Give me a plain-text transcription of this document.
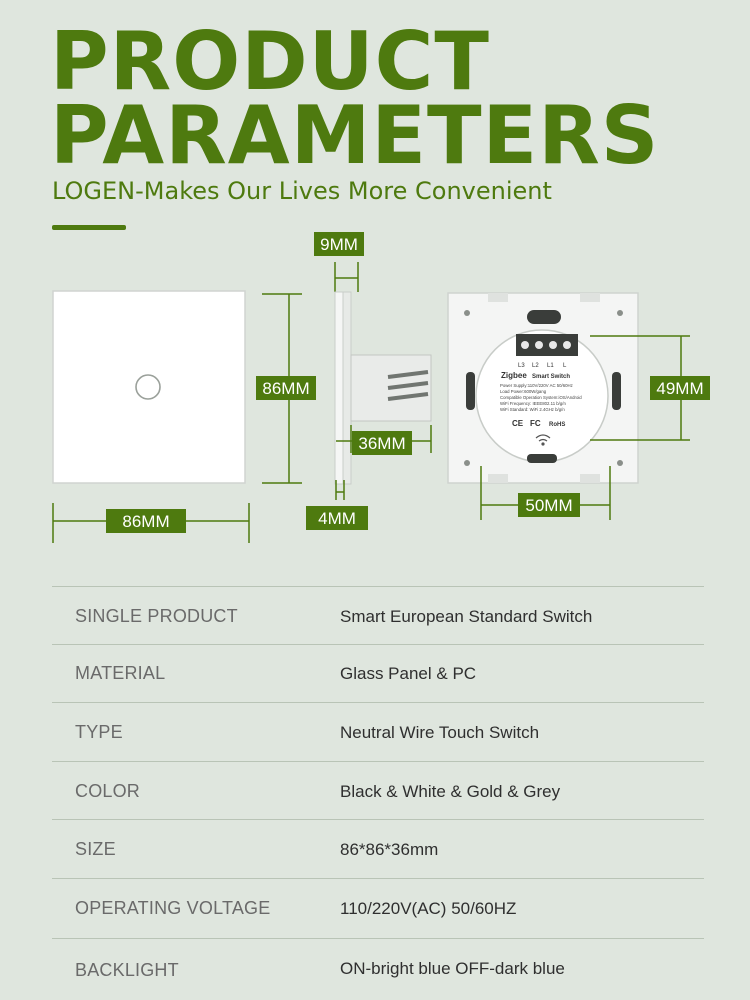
PRODUCT
PARAMETERS
LOGEN-Makes Our Lives More Convenient
86MM
86MM
9MM
36MM
4MM
L3 L2 L1 L
Zigbee Smart Switch
Power Supply:110V/220V AC 50/60Hz
Load Power:600W/gang
Compatible Operation System:iOS/Android
WiFi Frequency: IEEE802.11 b/g/n
WiFi Standard: WiFi 2.4GHz b/g/n
CE FC RoHS
49MM
50MM
SINGLE PRODUCT	Smart European Standard Switch
MATERIAL	Glass Panel & PC
TYPE	Neutral Wire Touch Switch
COLOR	Black & White & Gold & Grey
SIZE	86*86*36mm
OPERATING VOLTAGE	110/220V(AC) 50/60HZ
BACKLIGHT	ON-bright blue OFF-dark blue
